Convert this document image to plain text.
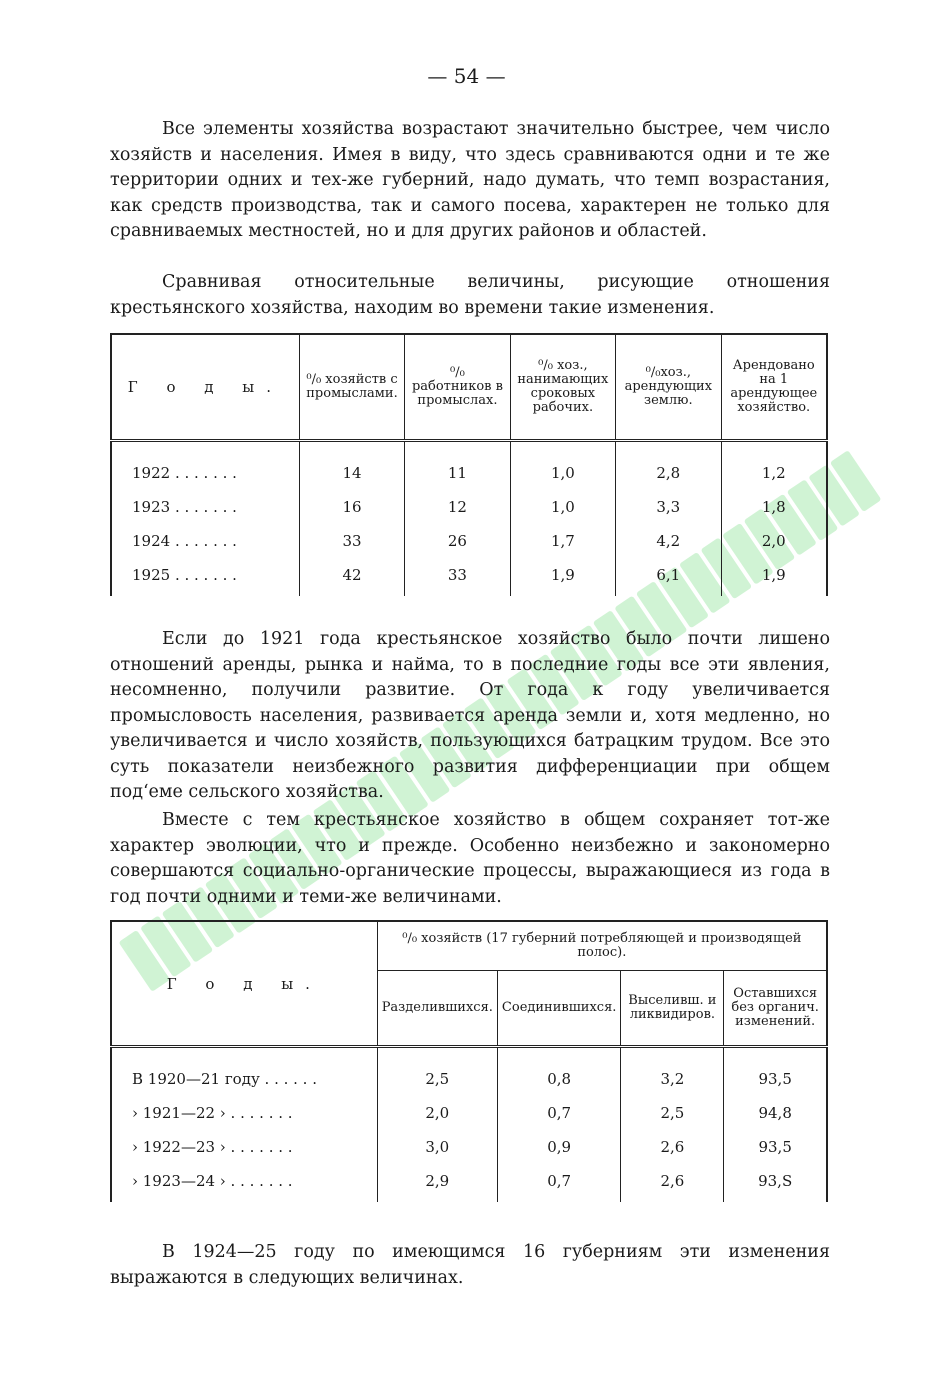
— 54 —

Все элементы хозяйства возрастают значительно быстрее, чем число хозяйств и населения. Имея в виду, что здесь сравниваются одни и те же территории одних и тех-же губерний, надо думать, что темп возрастания, как средств производства, так и самого посева, характерен не только для сравниваемых местностей, но и для других районов и областей.

Сравнивая относительные величины, рисующие отношения крестьянского хозяйства, находим во времени такие изменения.

Г о д ы.	⁰/₀ хозяйств с промыслами.	⁰/₀ работников в промыслах.	⁰/₀ хоз., нанимающих сроковых рабочих.	⁰/₀хоз., арендующих землю.	Арендовано на 1 арендующее хозяйство.

1922 . . . . . . .	14	11	1,0	2,8	1,2
1923 . . . . . . .	16	12	1,0	3,3	1,8
1924 . . . . . . .	33	26	1,7	4,2	2,0
1925 . . . . . . .	42	33	1,9	6,1	1,9

Если до 1921 года крестьянское хозяйство было почти лишено отношений аренды, рынка и найма, то в последние годы все эти явления, несомненно, получили развитие. От года к году увеличивается промысловость населения, развивается аренда земли и, хотя медленно, но увеличивается и число хозяйств, пользующихся батрацким трудом. Все это суть показатели неизбежного развития дифференциации при общем под‘еме сельского хозяйства.

Вместе с тем крестьянское хозяйство в общем сохраняет тот-же характер эволюции, что и прежде. Особенно неизбежно и закономерно совершаются социально-органические процессы, выражающиеся из года в год почти одними и теми-же величинами.

Г о д ы.	⁰/₀ хозяйств (17 губерний потребляющей и производящей полос).			
	Разделившихся.	Соединившихся.	Выселивш. и ликвидиров.	Оставшихся без органич. изменений.

В 1920—21 году . . . . . .	2,5	0,8	3,2	93,5
› 1921—22 › . . . . . . .	2,0	0,7	2,5	94,8
› 1922—23 › . . . . . . .	3,0	0,9	2,6	93,5
› 1923—24 › . . . . . . .	2,9	0,7	2,6	93,S

В 1924—25 году по имеющимся 16 губерниям эти изменения выражаются в следующих величинах.
